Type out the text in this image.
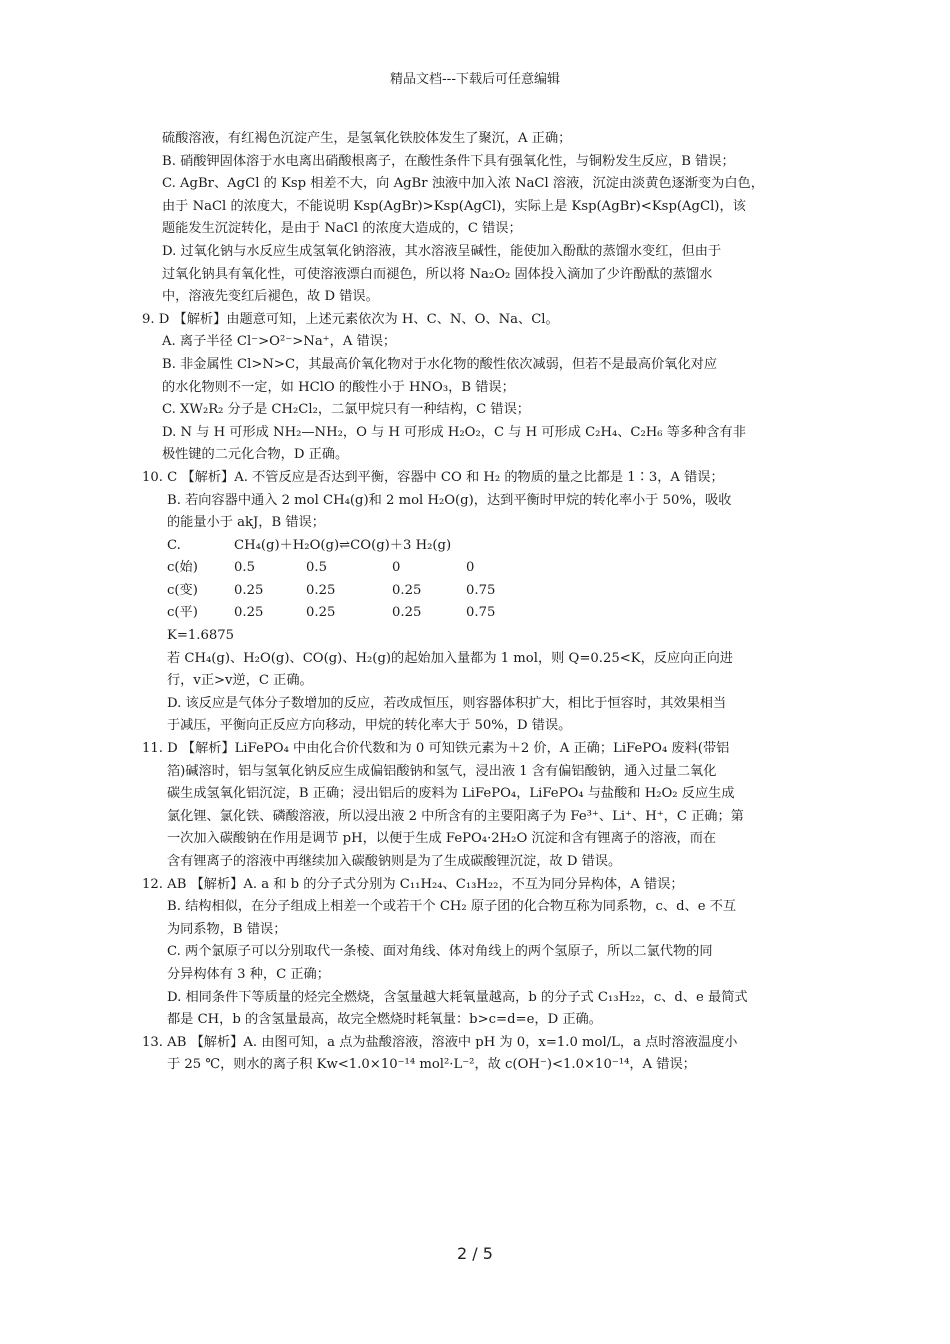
精品文档---下载后可任意编辑

硫酸溶液，有红褐色沉淀产生，是氢氧化铁胶体发生了聚沉，A 正确；

B. 硝酸钾固体溶于水电离出硝酸根离子，在酸性条件下具有强氧化性，与铜粉发生反应，B 错误；

C. AgBr、AgCl 的 Ksp 相差不大，向 AgBr 浊液中加入浓 NaCl 溶液，沉淀由淡黄色逐渐变为白色，

由于 NaCl 的浓度大，不能说明 Ksp(AgBr)>Ksp(AgCl)，实际上是 Ksp(AgBr)<Ksp(AgCl)，该

题能发生沉淀转化，是由于 NaCl 的浓度大造成的，C 错误；

D. 过氧化钠与水反应生成氢氧化钠溶液，其水溶液呈碱性，能使加入酚酞的蒸馏水变红，但由于

过氧化钠具有氧化性，可使溶液漂白而褪色，所以将 Na₂O₂ 固体投入滴加了少许酚酞的蒸馏水

中，溶液先变红后褪色，故 D 错误。

9. D 【解析】由题意可知，上述元素依次为 H、C、N、O、Na、Cl。

A. 离子半径 Cl⁻>O²⁻>Na⁺，A 错误；

B. 非金属性 Cl>N>C，其最高价氧化物对于水化物的酸性依次减弱，但若不是最高价氧化对应

的水化物则不一定，如 HClO 的酸性小于 HNO₃，B 错误；

C. XW₂R₂ 分子是 CH₂Cl₂，二氯甲烷只有一种结构，C 错误；

D. N 与 H 可形成 NH₂—NH₂，O 与 H 可形成 H₂O₂，C 与 H 可形成 C₂H₄、C₂H₆ 等多种含有非

极性键的二元化合物，D 正确。

10. C 【解析】A. 不管反应是否达到平衡，容器中 CO 和 H₂ 的物质的量之比都是 1∶3，A 错误；

B. 若向容器中通入 2 mol CH₄(g)和 2 mol H₂O(g)，达到平衡时甲烷的转化率小于 50%，吸收

的能量小于 akJ，B 错误；

C.	CH₄(g)＋H₂O(g)⇌CO(g)＋3 H₂(g)			
c(始)	0.5	0.5	0	0
c(变)	0.25	0.25	0.25	0.75
c(平)	0.25	0.25	0.25	0.75

K=1.6875

若 CH₄(g)、H₂O(g)、CO(g)、H₂(g)的起始加入量都为 1 mol，则 Q=0.25<K，反应向正向进

行，v正>v逆，C 正确。

D. 该反应是气体分子数增加的反应，若改成恒压，则容器体积扩大，相比于恒容时，其效果相当

于减压，平衡向正反应方向移动，甲烷的转化率大于 50%，D 错误。

11. D 【解析】LiFePO₄ 中由化合价代数和为 0 可知铁元素为＋2 价，A 正确；LiFePO₄ 废料(带铝

箔)碱溶时，铝与氢氧化钠反应生成偏铝酸钠和氢气，浸出液 1 含有偏铝酸钠，通入过量二氧化

碳生成氢氧化铝沉淀，B 正确；浸出铝后的废料为 LiFePO₄，LiFePO₄ 与盐酸和 H₂O₂ 反应生成

氯化锂、氯化铁、磷酸溶液，所以浸出液 2 中所含有的主要阳离子为 Fe³⁺、Li⁺、H⁺，C 正确；第

一次加入碳酸钠在作用是调节 pH，以便于生成 FePO₄·2H₂O 沉淀和含有锂离子的溶液，而在

含有锂离子的溶液中再继续加入碳酸钠则是为了生成碳酸锂沉淀，故 D 错误。

12. AB 【解析】A. a 和 b 的分子式分别为 C₁₁H₂₄、C₁₃H₂₂，不互为同分异构体，A 错误；

B. 结构相似，在分子组成上相差一个或若干个 CH₂ 原子团的化合物互称为同系物，c、d、e 不互

为同系物，B 错误；

C. 两个氯原子可以分别取代一条棱、面对角线、体对角线上的两个氢原子，所以二氯代物的同

分异构体有 3 种，C 正确；

D. 相同条件下等质量的烃完全燃烧，含氢量越大耗氧量越高，b 的分子式 C₁₃H₂₂，c、d、e 最简式

都是 CH，b 的含氢量最高，故完全燃烧时耗氧量：b>c=d=e，D 正确。

13. AB 【解析】A. 由图可知，a 点为盐酸溶液，溶液中 pH 为 0，x=1.0 mol/L，a 点时溶液温度小

于 25 ℃，则水的离子积 Kw<1.0×10⁻¹⁴ mol²·L⁻²，故 c(OH⁻)<1.0×10⁻¹⁴，A 错误；

2 / 5
